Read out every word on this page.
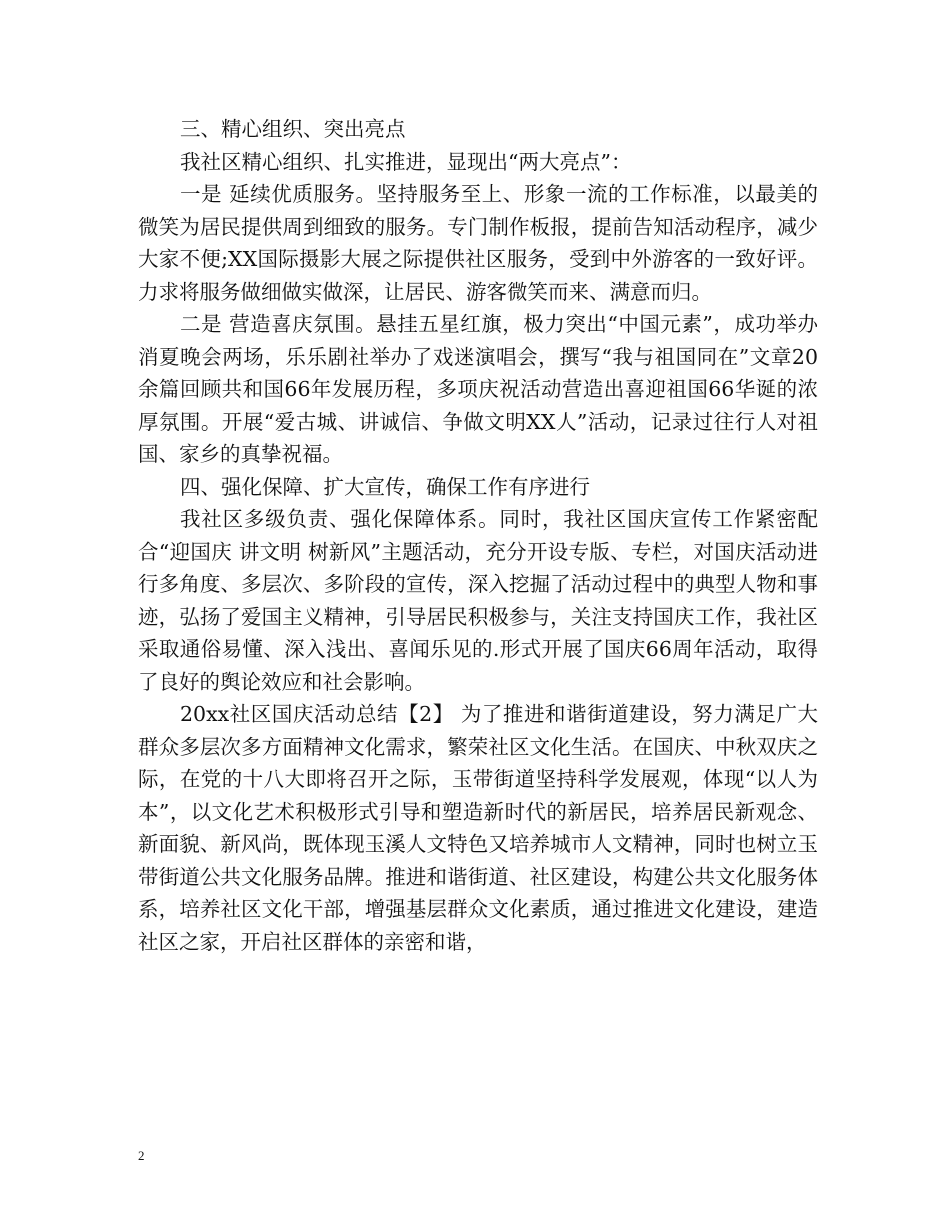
三、精心组织、突出亮点

我社区精心组织、扎实推进，显现出“两大亮点”：

一是 延续优质服务。坚持服务至上、形象一流的工作标准，以最美的微笑为居民提供周到细致的服务。专门制作板报，提前告知活动程序，减少大家不便;XX国际摄影大展之际提供社区服务，受到中外游客的一致好评。力求将服务做细做实做深，让居民、游客微笑而来、满意而归。

二是 营造喜庆氛围。悬挂五星红旗，极力突出“中国元素”，成功举办消夏晚会两场，乐乐剧社举办了戏迷演唱会，撰写“我与祖国同在”文章20余篇回顾共和国66年发展历程，多项庆祝活动营造出喜迎祖国66华诞的浓厚氛围。开展“爱古城、讲诚信、争做文明XX人”活动，记录过往行人对祖国、家乡的真挚祝福。

四、强化保障、扩大宣传，确保工作有序进行

我社区多级负责、强化保障体系。同时，我社区国庆宣传工作紧密配合“迎国庆 讲文明 树新风”主题活动，充分开设专版、专栏，对国庆活动进行多角度、多层次、多阶段的宣传，深入挖掘了活动过程中的典型人物和事迹，弘扬了爱国主义精神，引导居民积极参与，关注支持国庆工作，我社区采取通俗易懂、深入浅出、喜闻乐见的.形式开展了国庆66周年活动，取得了良好的舆论效应和社会影响。

20xx社区国庆活动总结【2】 为了推进和谐街道建设，努力满足广大群众多层次多方面精神文化需求，繁荣社区文化生活。在国庆、中秋双庆之际，在党的十八大即将召开之际，玉带街道坚持科学发展观，体现“以人为本”，以文化艺术积极形式引导和塑造新时代的新居民，培养居民新观念、新面貌、新风尚，既体现玉溪人文特色又培养城市人文精神，同时也树立玉带街道公共文化服务品牌。推进和谐街道、社区建设，构建公共文化服务体系，培养社区文化干部，增强基层群众文化素质，通过推进文化建设，建造社区之家，开启社区群体的亲密和谐，

2
